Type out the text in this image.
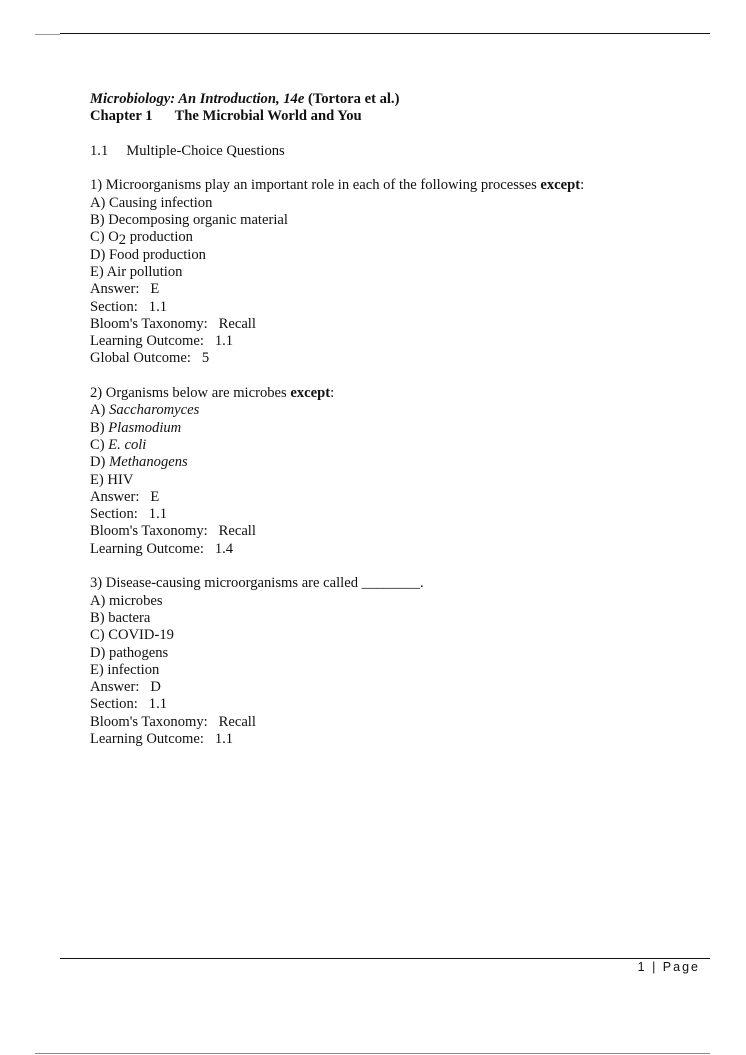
Microbiology: An Introduction, 14e (Tortora et al.)
Chapter 1 The Microbial World and You
1.1 Multiple-Choice Questions
1) Microorganisms play an important role in each of the following processes except:
A) Causing infection
B) Decomposing organic material
C) O2 production
D) Food production
E) Air pollution
Answer:   E
Section:   1.1
Bloom's Taxonomy:   Recall
Learning Outcome:   1.1
Global Outcome:   5
2) Organisms below are microbes except:
A) Saccharomyces
B) Plasmodium
C) E. coli
D) Methanogens
E) HIV
Answer:   E
Section:   1.1
Bloom's Taxonomy:   Recall
Learning Outcome:   1.4
3) Disease-causing microorganisms are called ________.
A) microbes
B) bactera
C) COVID-19
D) pathogens
E) infection
Answer:   D
Section:   1.1
Bloom's Taxonomy:   Recall
Learning Outcome:   1.1
1 | Page
